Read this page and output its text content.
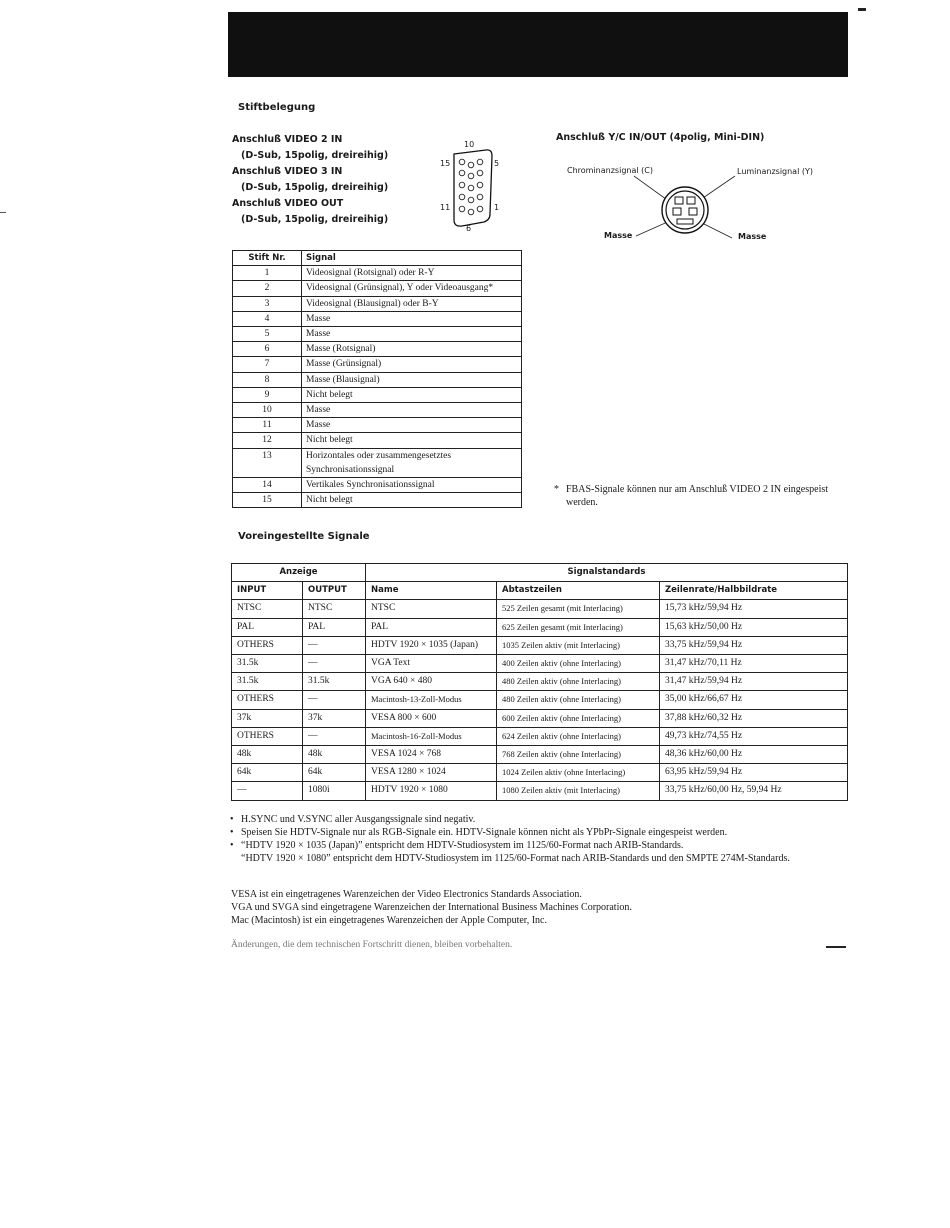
Stiftbelegung
Anschluß VIDEO 2 IN
(D-Sub, 15polig, dreireihig)
Anschluß VIDEO 3 IN
(D-Sub, 15polig, dreireihig)
Anschluß VIDEO OUT
(D-Sub, 15polig, dreireihig)
10
15	5
11	1
6
Anschluß Y/C IN/OUT (4polig, Mini-DIN)
Chrominanzsignal (C)	Luminanzsignal (Y)
Masse	Masse
Stift Nr.	Signal
1	Videosignal (Rotsignal) oder R-Y
2	Videosignal (Grünsignal), Y oder Videoausgang*
3	Videosignal (Blausignal) oder B-Y
4	Masse
5	Masse
6	Masse (Rotsignal)
7	Masse (Grünsignal)
8	Masse (Blausignal)
9	Nicht belegt
10	Masse
11	Masse
12	Nicht belegt
13	Horizontales oder zusammengesetztes Synchronisationssignal
14	Vertikales Synchronisationssignal
15	Nicht belegt
* FBAS-Signale können nur am Anschluß VIDEO 2 IN eingespeist werden.
Voreingestellte Signale
Anzeige		Signalstandards		
INPUT	OUTPUT	Name	Abtastzeilen	Zeilenrate/Halbbildrate
NTSC	NTSC	NTSC	525 Zeilen gesamt (mit Interlacing)	15,73 kHz/59,94 Hz
PAL	PAL	PAL	625 Zeilen gesamt (mit Interlacing)	15,63 kHz/50,00 Hz
OTHERS	—	HDTV 1920 × 1035 (Japan)	1035 Zeilen aktiv (mit Interlacing)	33,75 kHz/59,94 Hz
31.5k	—	VGA Text	400 Zeilen aktiv (ohne Interlacing)	31,47 kHz/70,11 Hz
31.5k	31.5k	VGA 640 × 480	480 Zeilen aktiv (ohne Interlacing)	31,47 kHz/59,94 Hz
OTHERS	—	Macintosh-13-Zoll-Modus	480 Zeilen aktiv (ohne Interlacing)	35,00 kHz/66,67 Hz
37k	37k	VESA 800 × 600	600 Zeilen aktiv (ohne Interlacing)	37,88 kHz/60,32 Hz
OTHERS	—	Macintosh-16-Zoll-Modus	624 Zeilen aktiv (ohne Interlacing)	49,73 kHz/74,55 Hz
48k	48k	VESA 1024 × 768	768 Zeilen aktiv (ohne Interlacing)	48,36 kHz/60,00 Hz
64k	64k	VESA 1280 × 1024	1024 Zeilen aktiv (ohne Interlacing)	63,95 kHz/59,94 Hz
—	1080i	HDTV 1920 × 1080	1080 Zeilen aktiv (mit Interlacing)	33,75 kHz/60,00 Hz, 59,94 Hz
• H.SYNC und V.SYNC aller Ausgangssignale sind negativ.
• Speisen Sie HDTV-Signale nur als RGB-Signale ein. HDTV-Signale können nicht als YPbPr-Signale eingespeist werden.
• “HDTV 1920 × 1035 (Japan)” entspricht dem HDTV-Studiosystem im 1125/60-Format nach ARIB-Standards.
“HDTV 1920 × 1080” entspricht dem HDTV-Studiosystem im 1125/60-Format nach ARIB-Standards und den SMPTE 274M-Standards.
VESA ist ein eingetragenes Warenzeichen der Video Electronics Standards Association.
VGA und SVGA sind eingetragene Warenzeichen der International Business Machines Corporation.
Mac (Macintosh) ist ein eingetragenes Warenzeichen der Apple Computer, Inc.
Änderungen, die dem technischen Fortschritt dienen, bleiben vorbehalten.
